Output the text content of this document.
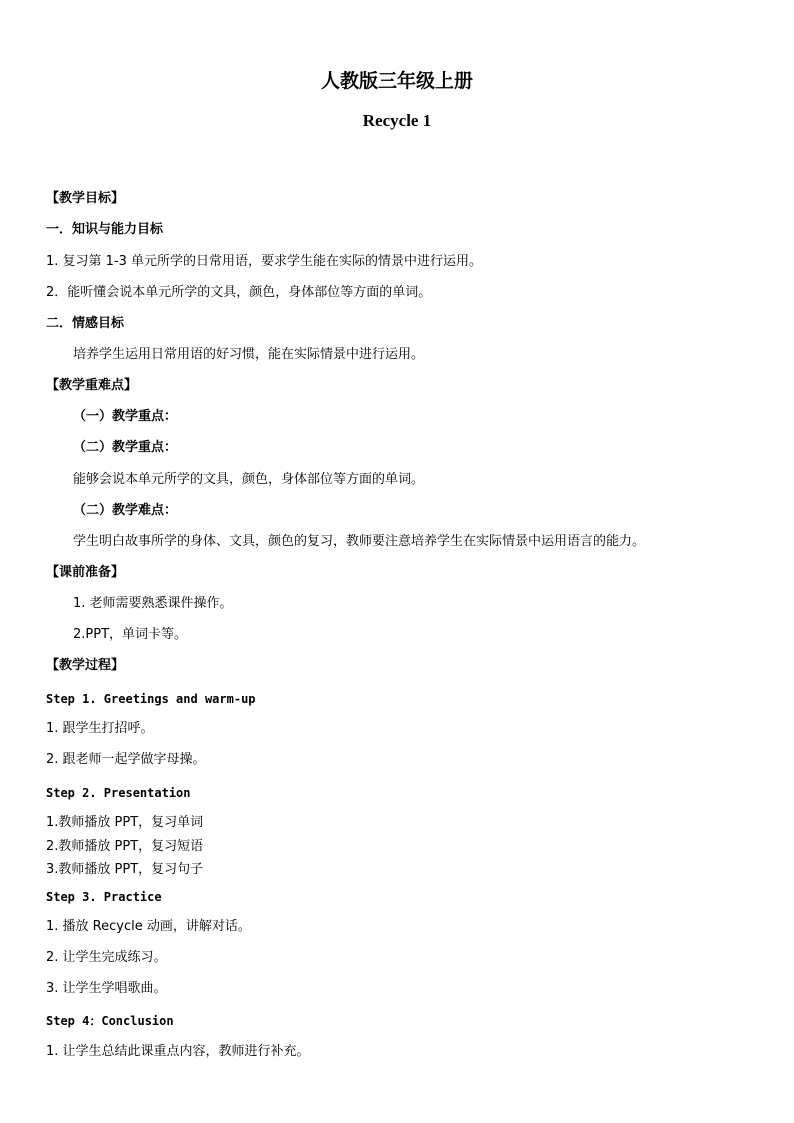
人教版三年级上册
Recycle 1
【教学目标】
一．知识与能力目标
1. 复习第 1-3 单元所学的日常用语，要求学生能在实际的情景中进行运用。
2．能听懂会说本单元所学的文具，颜色，身体部位等方面的单词。
二．情感目标
培养学生运用日常用语的好习惯，能在实际情景中进行运用。
【教学重难点】
（一）教学重点：
（二）教学重点：
能够会说本单元所学的文具，颜色，身体部位等方面的单词。
（二）教学难点：
学生明白故事所学的身体、文具，颜色的复习，教师要注意培养学生在实际情景中运用语言的能力。
【课前准备】
1. 老师需要熟悉课件操作。
2.PPT，单词卡等。
【教学过程】
Step 1. Greetings and warm-up
1. 跟学生打招呼。
2. 跟老师一起学做字母操。
Step 2. Presentation
1.教师播放 PPT，复习单词
2.教师播放 PPT，复习短语
3.教师播放 PPT，复习句子
Step 3. Practice
1. 播放 Recycle 动画，讲解对话。
2. 让学生完成练习。
3. 让学生学唱歌曲。
Step 4：Conclusion
1. 让学生总结此课重点内容，教师进行补充。
